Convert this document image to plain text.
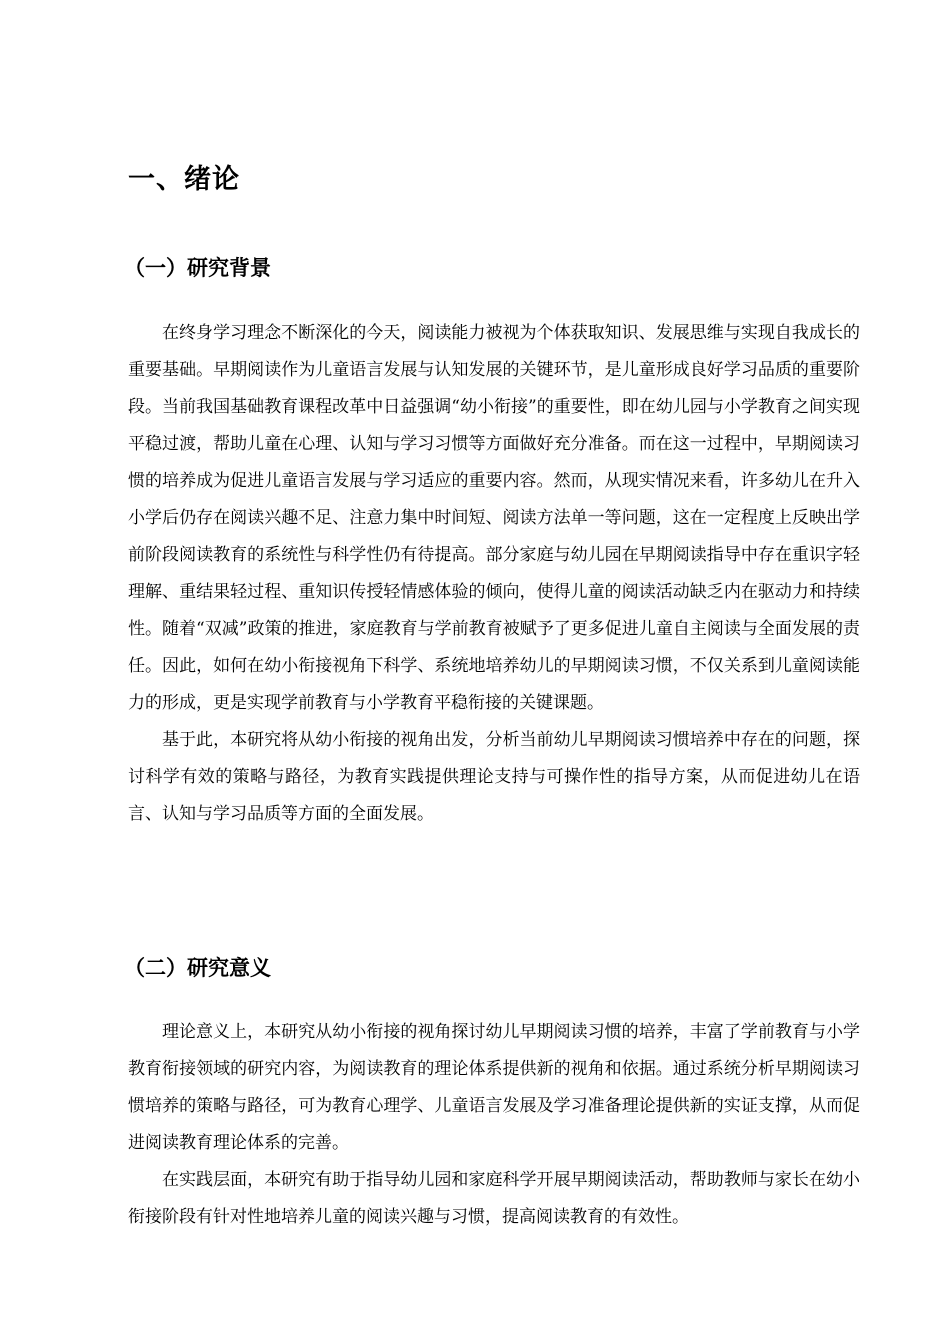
一、绪论
（一）研究背景

在终身学习理念不断深化的今天，阅读能力被视为个体获取知识、发展思维与实现自我成长的重要基础。早期阅读作为儿童语言发展与认知发展的关键环节，是儿童形成良好学习品质的重要阶段。当前我国基础教育课程改革中日益强调“幼小衔接”的重要性，即在幼儿园与小学教育之间实现平稳过渡，帮助儿童在心理、认知与学习习惯等方面做好充分准备。而在这一过程中，早期阅读习惯的培养成为促进儿童语言发展与学习适应的重要内容。然而，从现实情况来看，许多幼儿在升入小学后仍存在阅读兴趣不足、注意力集中时间短、阅读方法单一等问题，这在一定程度上反映出学前阶段阅读教育的系统性与科学性仍有待提高。部分家庭与幼儿园在早期阅读指导中存在重识字轻理解、重结果轻过程、重知识传授轻情感体验的倾向，使得儿童的阅读活动缺乏内在驱动力和持续性。随着“双减”政策的推进，家庭教育与学前教育被赋予了更多促进儿童自主阅读与全面发展的责任。因此，如何在幼小衔接视角下科学、系统地培养幼儿的早期阅读习惯，不仅关系到儿童阅读能力的形成，更是实现学前教育与小学教育平稳衔接的关键课题。

基于此，本研究将从幼小衔接的视角出发，分析当前幼儿早期阅读习惯培养中存在的问题，探讨科学有效的策略与路径，为教育实践提供理论支持与可操作性的指导方案，从而促进幼儿在语言、认知与学习品质等方面的全面发展。

（二）研究意义

理论意义上，本研究从幼小衔接的视角探讨幼儿早期阅读习惯的培养，丰富了学前教育与小学教育衔接领域的研究内容，为阅读教育的理论体系提供新的视角和依据。通过系统分析早期阅读习惯培养的策略与路径，可为教育心理学、儿童语言发展及学习准备理论提供新的实证支撑，从而促进阅读教育理论体系的完善。

在实践层面，本研究有助于指导幼儿园和家庭科学开展早期阅读活动，帮助教师与家长在幼小衔接阶段有针对性地培养儿童的阅读兴趣与习惯，提高阅读教育的有效性。
